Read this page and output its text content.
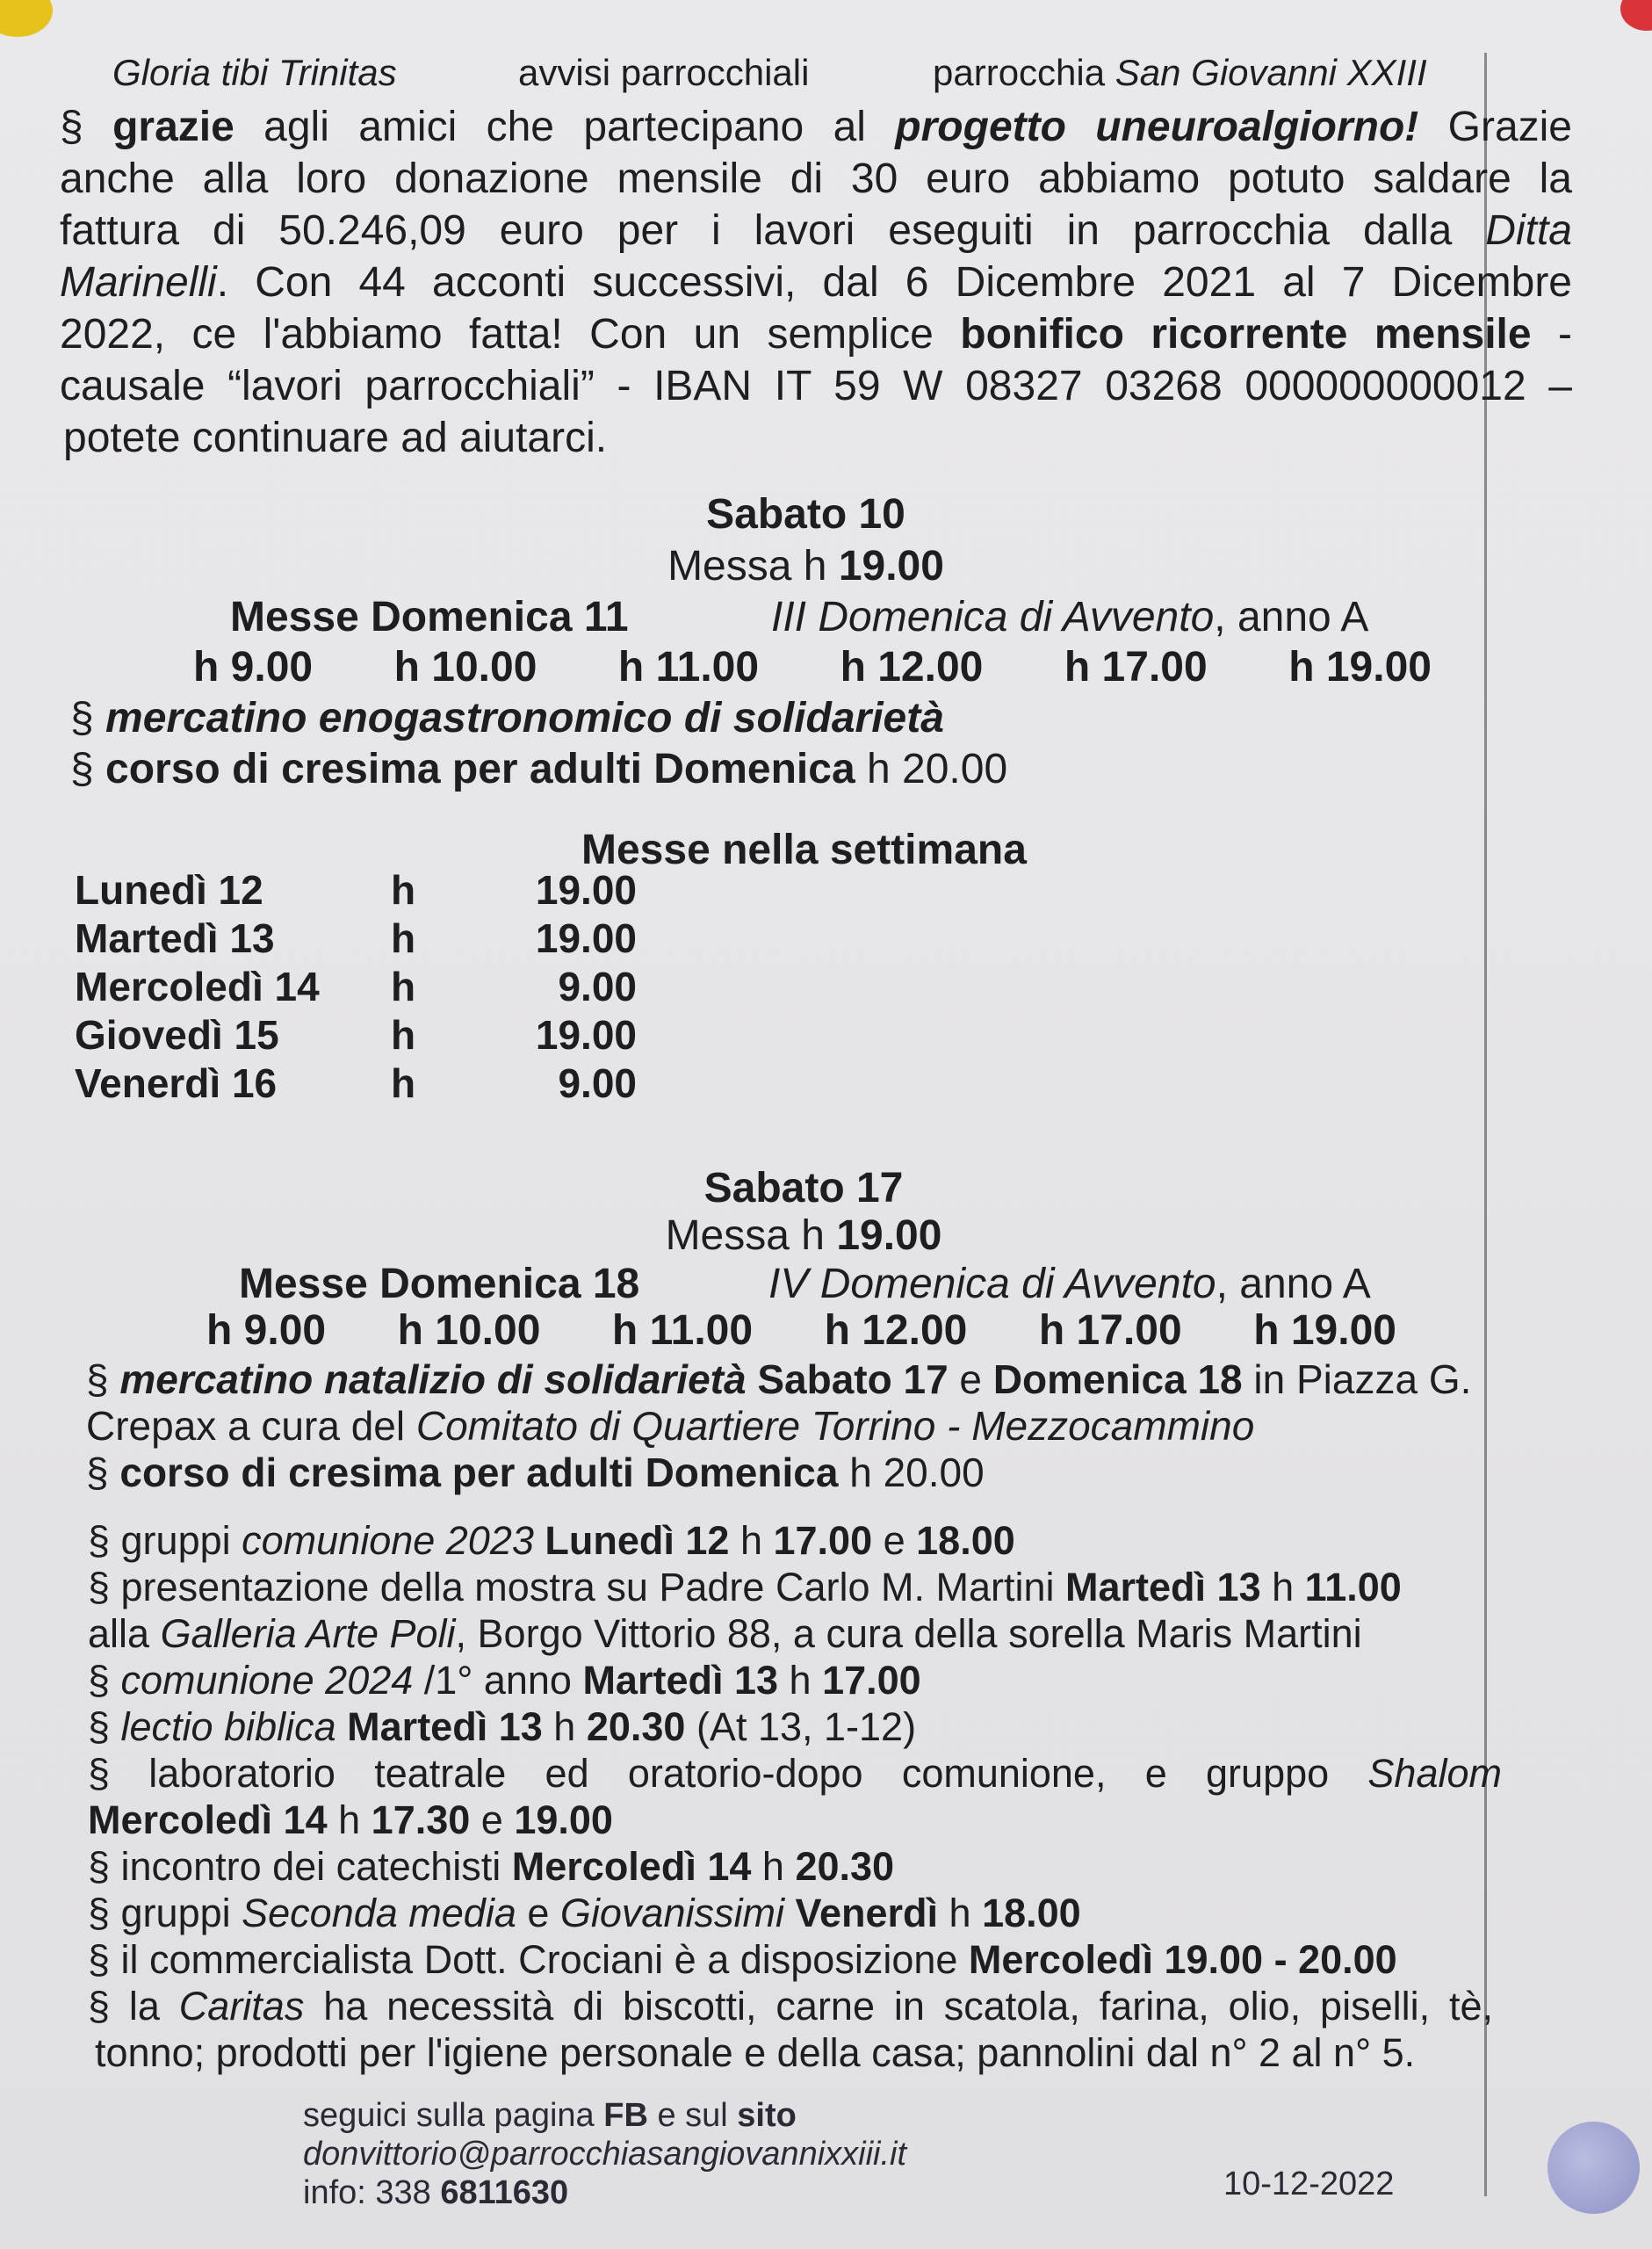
Gloria tibi Trinitas	avvisi parrocchiali	parrocchia San Giovanni XXIII

§ grazie agli amici che partecipano al progetto uneuroalgiorno! Grazie

anche alla loro donazione mensile di 30 euro abbiamo potuto saldare la

fattura di 50.246,09 euro per i lavori eseguiti in parrocchia dalla Ditta

Marinelli. Con 44 acconti successivi, dal 6 Dicembre 2021 al 7 Dicembre

2022, ce l'abbiamo fatta! Con un semplice bonifico ricorrente mensile -

causale “lavori parrocchiali” - IBAN IT 59 W 08327 03268 000000000012 –

potete continuare ad aiutarci.

Sabato 10

Messa h 19.00

Messe Domenica 11	III Domenica di Avvento, anno A

h 9.00 h 10.00 h 11.00 h 12.00 h 17.00 h 19.00

§ mercatino enogastronomico di solidarietà

§ corso di cresima per adulti Domenica h 20.00

Messe nella settimana

Lunedì 12	h	19.00
Martedì 13	h	19.00
Mercoledì 14	h	9.00
Giovedì 15	h	19.00
Venerdì 16	h	9.00

Sabato 17

Messa h 19.00

Messe Domenica 18	IV Domenica di Avvento, anno A

h 9.00 h 10.00 h 11.00 h 12.00 h 17.00 h 19.00

§ mercatino natalizio di solidarietà Sabato 17 e Domenica 18 in Piazza G.

Crepax a cura del Comitato di Quartiere Torrino - Mezzocammino

§ corso di cresima per adulti Domenica h 20.00

§ gruppi comunione 2023 Lunedì 12 h 17.00 e 18.00

§ presentazione della mostra su Padre Carlo M. Martini Martedì 13 h 11.00

alla Galleria Arte Poli, Borgo Vittorio 88, a cura della sorella Maris Martini

§ comunione 2024 /1° anno Martedì 13 h 17.00

§ lectio biblica Martedì 13 h 20.30 (At 13, 1-12)

§ laboratorio teatrale ed oratorio-dopo comunione, e gruppo Shalom

Mercoledì 14 h 17.30 e 19.00

§ incontro dei catechisti Mercoledì 14 h 20.30

§ gruppi Seconda media e Giovanissimi Venerdì h 18.00

§ il commercialista Dott. Crociani è a disposizione Mercoledì 19.00 - 20.00

§ la Caritas ha necessità di biscotti, carne in scatola, farina, olio, piselli, tè,

tonno; prodotti per l'igiene personale e della casa; pannolini dal n° 2 al n° 5.

seguici sulla pagina FB e sul sito
donvittorio@parrocchiasangiovannixxiii.it
info: 338 6811630	10-12-2022
